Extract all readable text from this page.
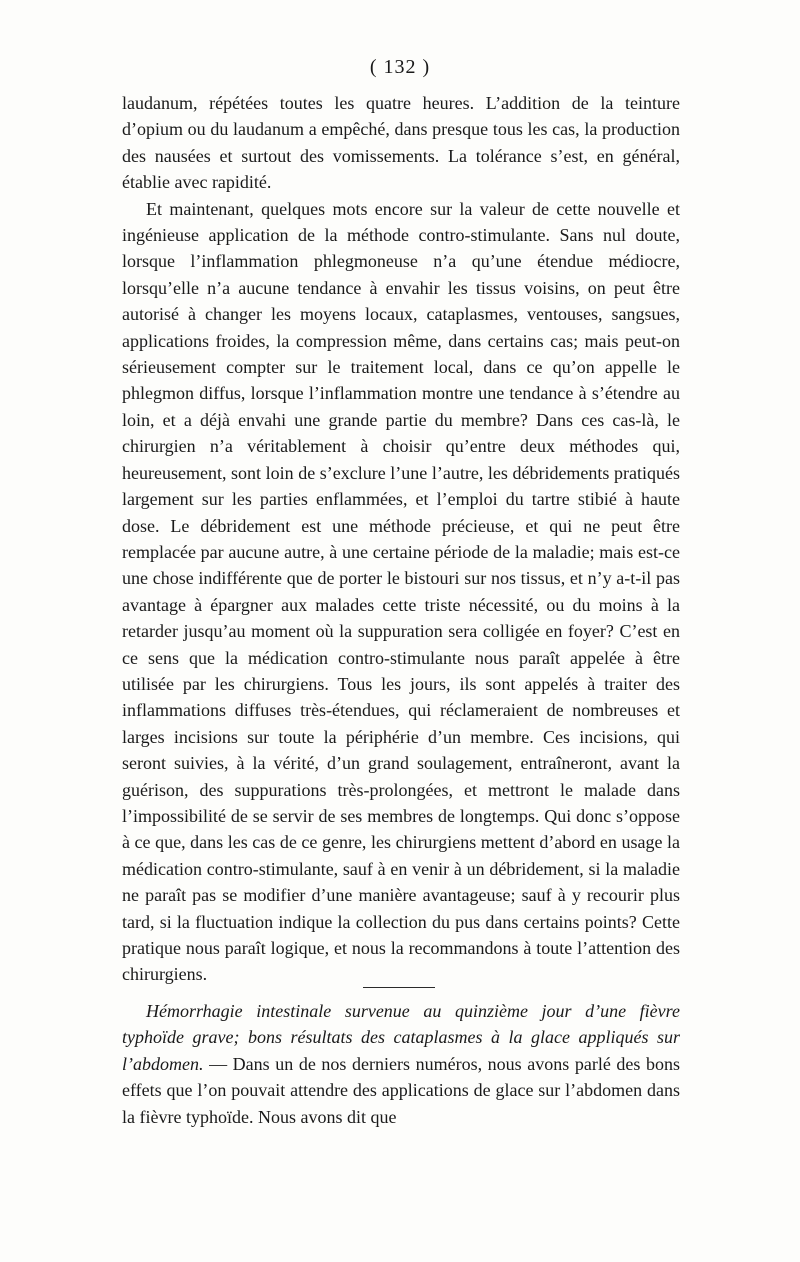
( 132 )

laudanum, répétées toutes les quatre heures. L’addition de la teinture d’opium ou du laudanum a empêché, dans presque tous les cas, la production des nausées et surtout des vomissements. La tolérance s’est, en général, établie avec rapidité.

Et maintenant, quelques mots encore sur la valeur de cette nouvelle et ingénieuse application de la méthode contro-stimulante. Sans nul doute, lorsque l’inflammation phlegmoneuse n’a qu’une étendue médiocre, lorsqu’elle n’a aucune tendance à envahir les tissus voisins, on peut être autorisé à changer les moyens locaux, cataplasmes, ventouses, sangsues, applications froides, la compression même, dans certains cas; mais peut-on sérieusement compter sur le traitement local, dans ce qu’on appelle le phlegmon diffus, lorsque l’inflammation montre une tendance à s’étendre au loin, et a déjà envahi une grande partie du membre? Dans ces cas-là, le chirurgien n’a véritablement à choisir qu’entre deux méthodes qui, heureusement, sont loin de s’exclure l’une l’autre, les débridements pratiqués largement sur les parties enflammées, et l’emploi du tartre stibié à haute dose. Le débridement est une méthode précieuse, et qui ne peut être remplacée par aucune autre, à une certaine période de la maladie; mais est-ce une chose indifférente que de porter le bistouri sur nos tissus, et n’y a-t-il pas avantage à épargner aux malades cette triste nécessité, ou du moins à la retarder jusqu’au moment où la suppuration sera colligée en foyer? C’est en ce sens que la médication contro-stimulante nous paraît appelée à être utilisée par les chirurgiens. Tous les jours, ils sont appelés à traiter des inflammations diffuses très-étendues, qui réclameraient de nombreuses et larges incisions sur toute la périphérie d’un membre. Ces incisions, qui seront suivies, à la vérité, d’un grand soulagement, entraîneront, avant la guérison, des suppurations très-prolongées, et mettront le malade dans l’impossibilité de se servir de ses membres de longtemps. Qui donc s’oppose à ce que, dans les cas de ce genre, les chirurgiens mettent d’abord en usage la médication contro-stimulante, sauf à en venir à un débridement, si la maladie ne paraît pas se modifier d’une manière avantageuse; sauf à y recourir plus tard, si la fluctuation indique la collection du pus dans certains points? Cette pratique nous paraît logique, et nous la recommandons à toute l’attention des chirurgiens.

Hémorrhagie intestinale survenue au quinzième jour d’une fièvre typhoïde grave; bons résultats des cataplasmes à la glace appliqués sur l’abdomen. — Dans un de nos derniers numéros, nous avons parlé des bons effets que l’on pouvait attendre des applications de glace sur l’abdomen dans la fièvre typhoïde. Nous avons dit que
